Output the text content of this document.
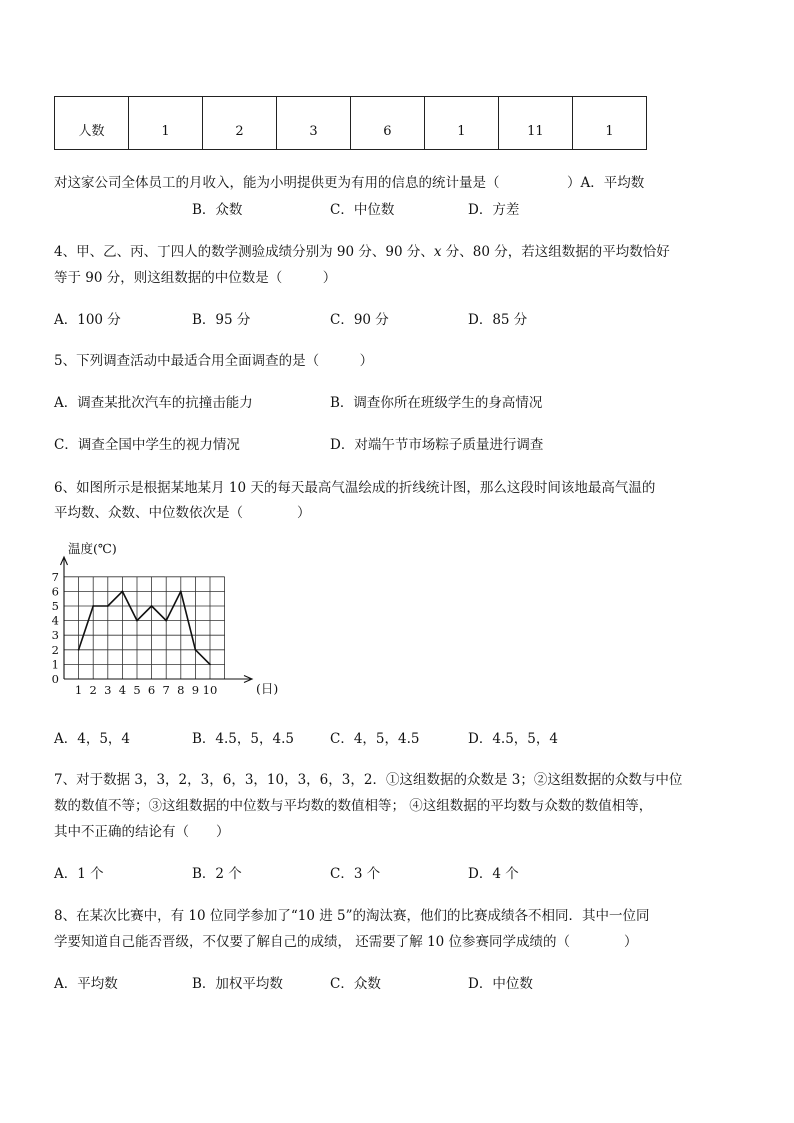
人数	1	2	3	6	1	11	1
对这家公司全体员工的月收入，能为小明提供更为有用的信息的统计量是（　　　　　）A．平均数
B．众数	C．中位数	D．方差
4、甲、乙、丙、丁四人的数学测验成绩分别为 90 分、90 分、x 分、80 分，若这组数据的平均数恰好
等于 90 分，则这组数据的中位数是（　　　）
A．100 分	B．95 分	C．90 分	D．85 分
5、下列调查活动中最适合用全面调查的是（　　　）
A．调查某批次汽车的抗撞击能力	B．调查你所在班级学生的身高情况
C．调查全国中学生的视力情况	D．对端午节市场粽子质量进行调查
6、如图所示是根据某地某月 10 天的每天最高气温绘成的折线统计图，那么这段时间该地最高气温的
平均数、众数、中位数依次是（　　　　）
0
1
2
3
4
5
6
7
1 2 3 4 5 6 7 8 9 10
温度(℃)
(日)
A．4，5，4	B．4.5，5，4.5	C．4，5，4.5	D．4.5，5，4
7、对于数据 3，3，2，3，6，3，10，3，6，3，2．①这组数据的众数是 3；②这组数据的众数与中位
数的数值不等；③这组数据的中位数与平均数的数值相等； ④这组数据的平均数与众数的数值相等，
其中不正确的结论有（　　）
A．1 个	B．2 个	C．3 个	D．4 个
8、在某次比赛中，有 10 位同学参加了“10 进 5”的淘汰赛，他们的比赛成绩各不相同．其中一位同
学要知道自己能否晋级，不仅要了解自己的成绩， 还需要了解 10 位参赛同学成绩的（　　　　）
A．平均数	B．加权平均数	C．众数	D．中位数
